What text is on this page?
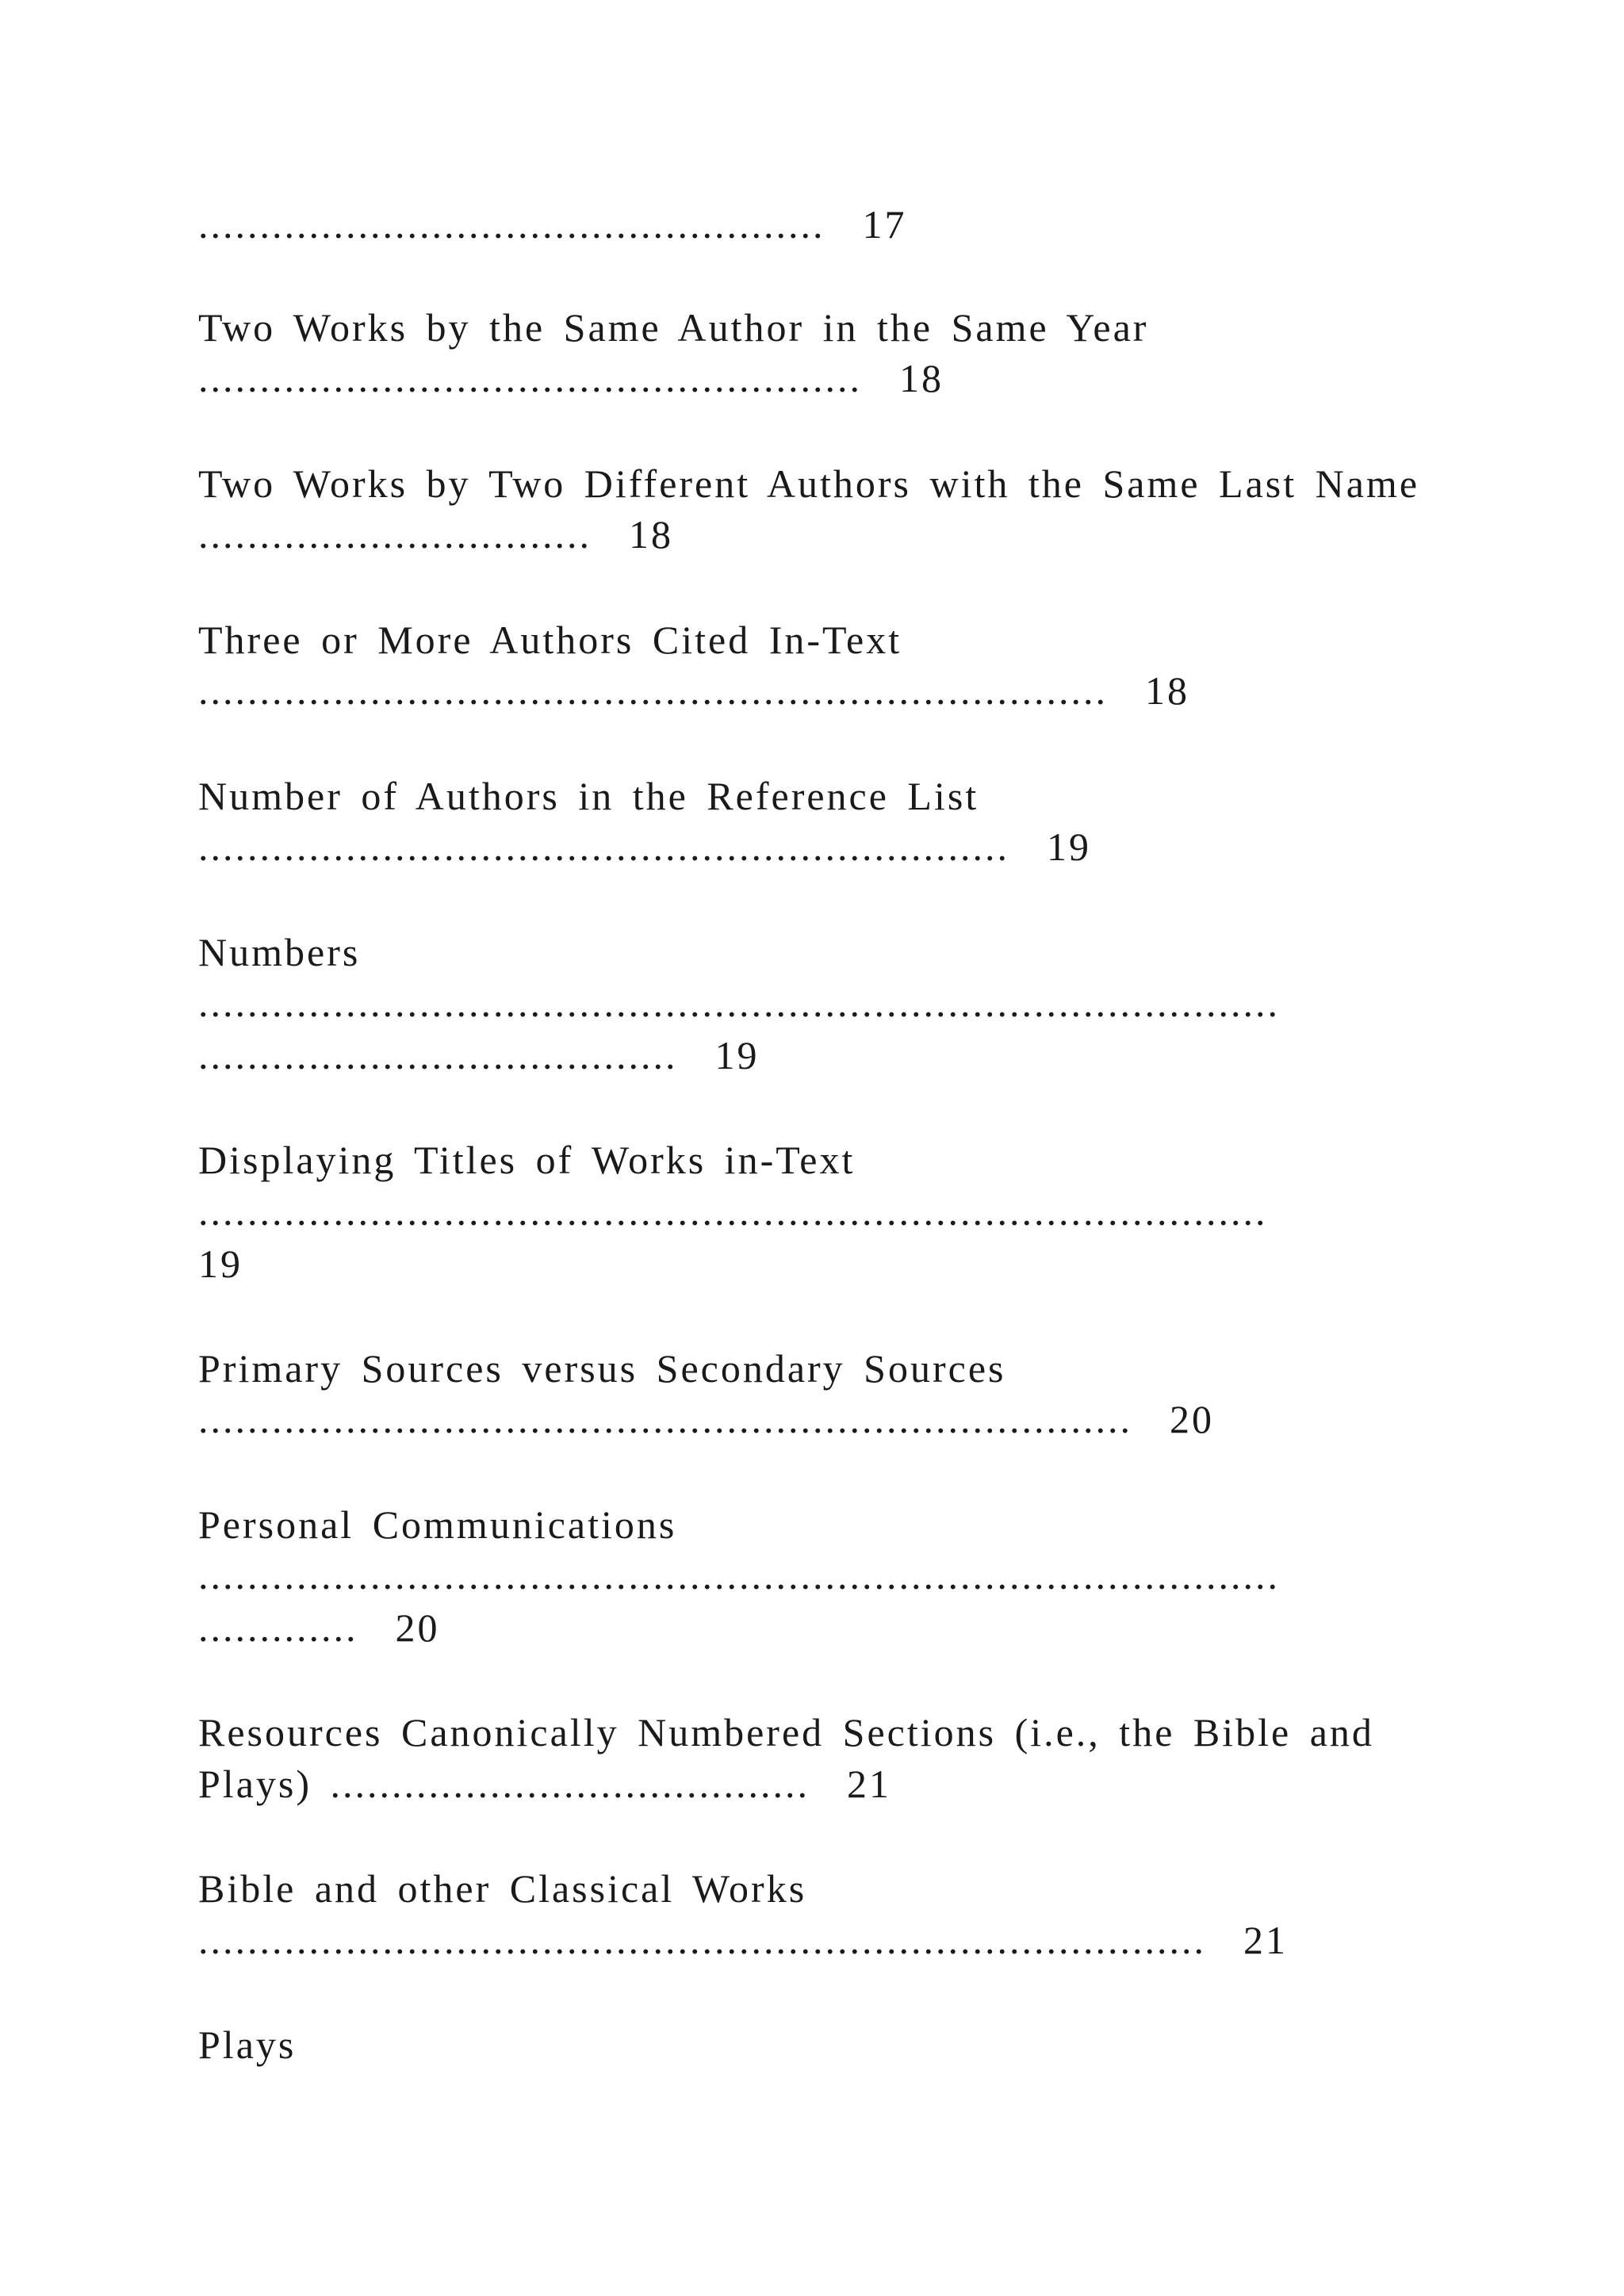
...................................................  17
Two Works by the Same Author in the Same Year
......................................................  18
Two Works by Two Different Authors with the Same Last Name
................................  18
Three or More Authors Cited In-Text
..........................................................................  18
Number of Authors in the Reference List
..................................................................  19
Numbers
........................................................................................
.......................................  19
Displaying Titles of Works in-Text
.......................................................................................
19
Primary Sources versus Secondary Sources
............................................................................  20
Personal Communications
........................................................................................
.............  20
Resources Canonically Numbered Sections (i.e., the Bible and
Plays) .......................................  21
Bible and other Classical Works
..................................................................................  21
Plays
